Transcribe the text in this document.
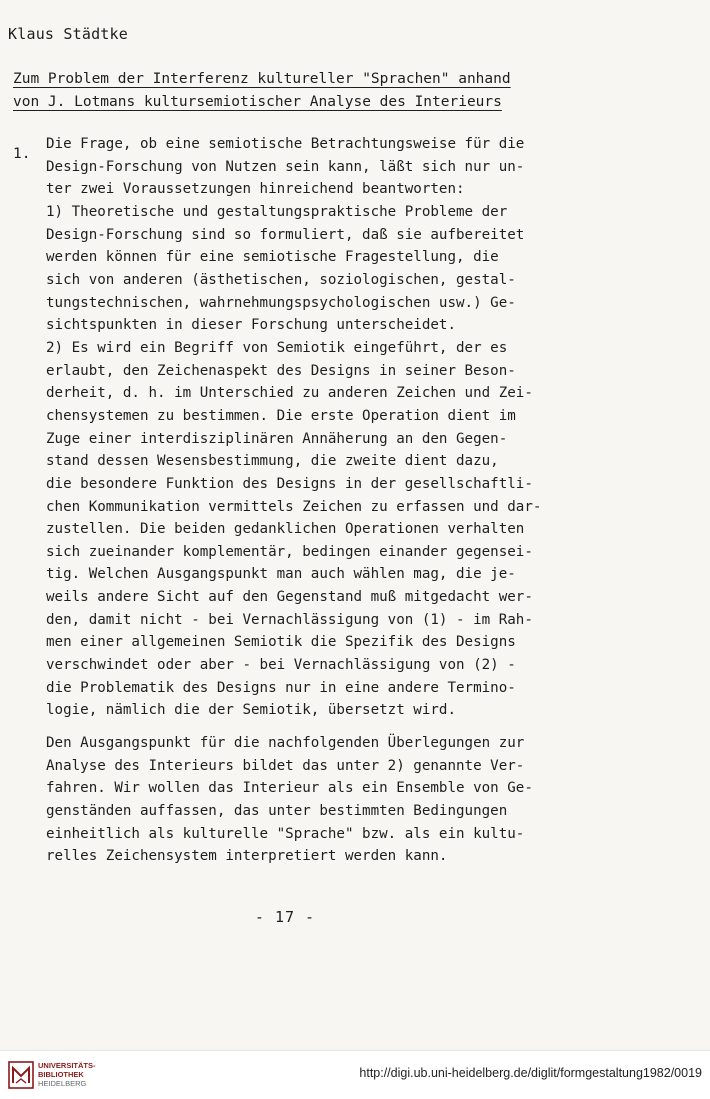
Klaus Städtke
Zum Problem der Interferenz kultureller "Sprachen" anhand
von J. Lotmans kultursemiotischer Analyse des Interieurs
1.
Die Frage, ob eine semiotische Betrachtungsweise für die
Design-Forschung von Nutzen sein kann, läßt sich nur un-
ter zwei Voraussetzungen hinreichend beantworten:
1) Theoretische und gestaltungspraktische Probleme der
Design-Forschung sind so formuliert, daß sie aufbereitet
werden können für eine semiotische Fragestellung, die
sich von anderen (ästhetischen, soziologischen, gestal-
tungstechnischen, wahrnehmungspsychologischen usw.) Ge-
sichtspunkten in dieser Forschung unterscheidet.
2) Es wird ein Begriff von Semiotik eingeführt, der es
erlaubt, den Zeichenaspekt des Designs in seiner Beson-
derheit, d. h. im Unterschied zu anderen Zeichen und Zei-
chensystemen zu bestimmen. Die erste Operation dient im
Zuge einer interdisziplinären Annäherung an den Gegen-
stand dessen Wesensbestimmung, die zweite dient dazu,
die besondere Funktion des Designs in der gesellschaftli-
chen Kommunikation vermittels Zeichen zu erfassen und dar-
zustellen. Die beiden gedanklichen Operationen verhalten
sich zueinander komplementär, bedingen einander gegensei-
tig. Welchen Ausgangspunkt man auch wählen mag, die je-
weils andere Sicht auf den Gegenstand muß mitgedacht wer-
den, damit nicht - bei Vernachlässigung von (1) - im Rah-
men einer allgemeinen Semiotik die Spezifik des Designs
verschwindet oder aber - bei Vernachlässigung von (2) -
die Problematik des Designs nur in eine andere Termino-
logie, nämlich die der Semiotik, übersetzt wird.
Den Ausgangspunkt für die nachfolgenden Überlegungen zur
Analyse des Interieurs bildet das unter 2) genannte Ver-
fahren. Wir wollen das Interieur als ein Ensemble von Ge-
genständen auffassen, das unter bestimmten Bedingungen
einheitlich als kulturelle "Sprache" bzw. als ein kultu-
relles Zeichensystem interpretiert werden kann.
- 17 -
UNIVERSITÄTS-
BIBLIOTHEK
HEIDELBERG
http://digi.ub.uni-heidelberg.de/diglit/formgestaltung1982/0019
